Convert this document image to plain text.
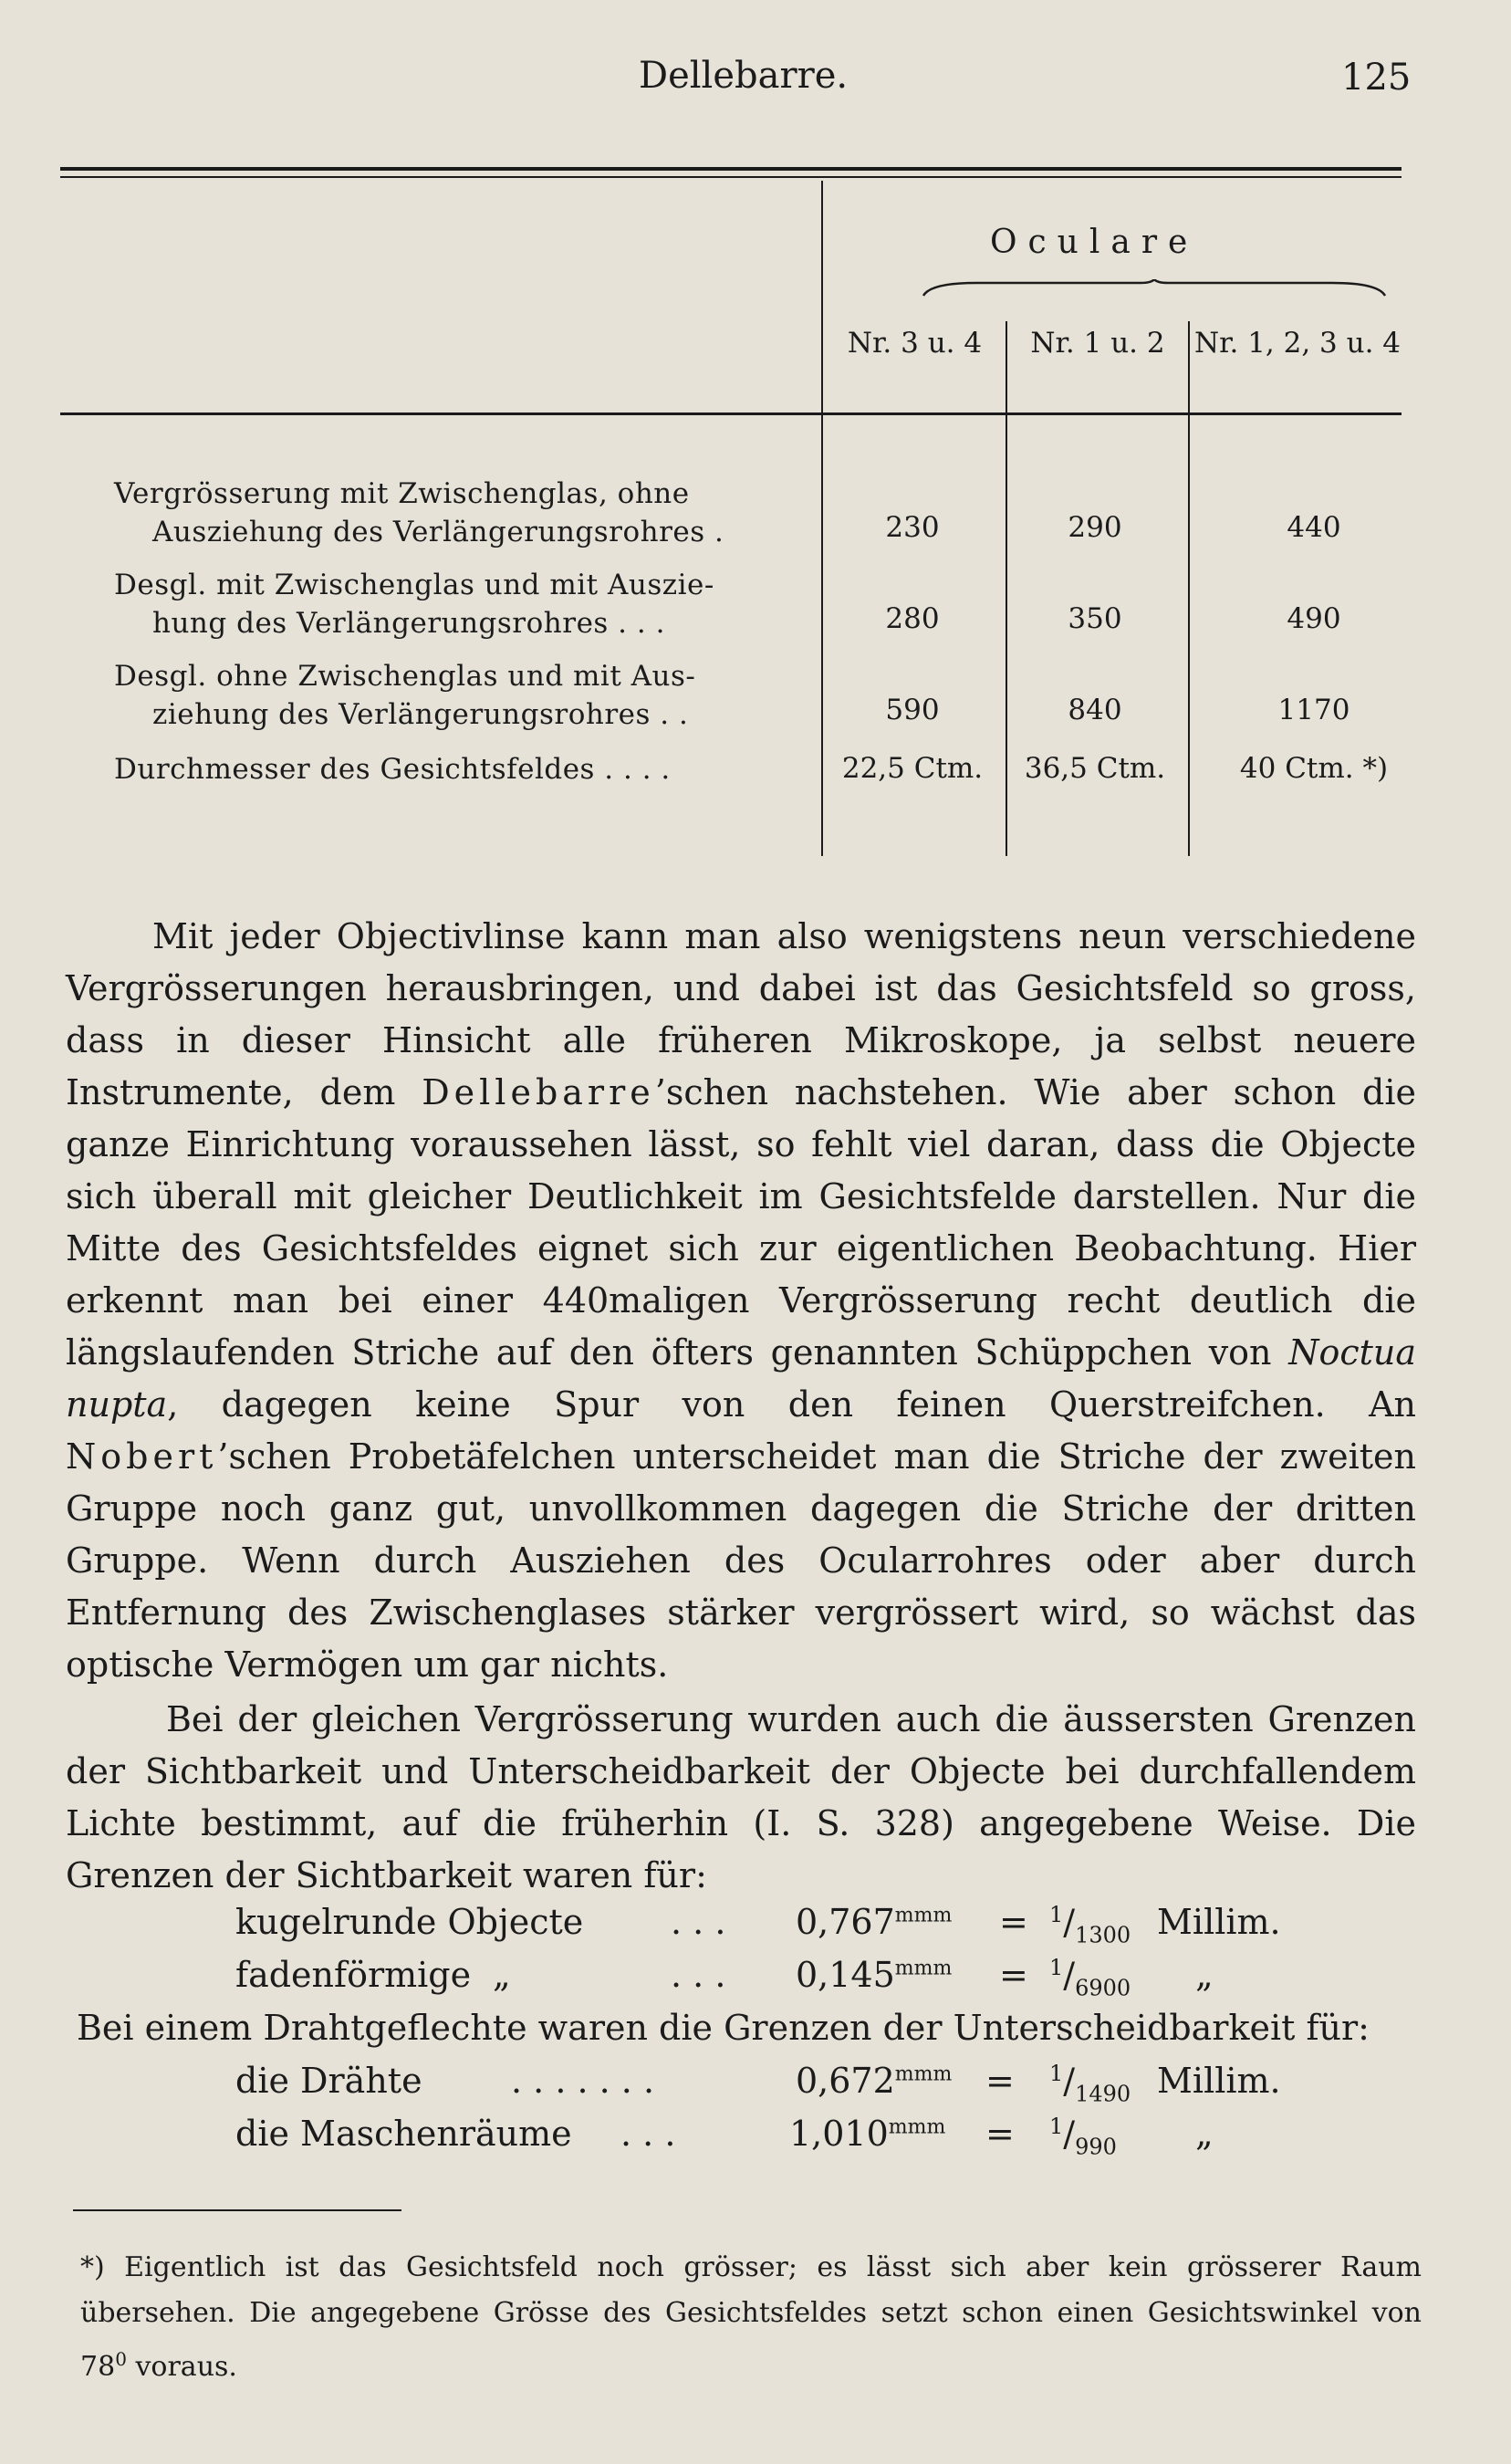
Dellebarre.	125
Oculare
Nr. 3 u. 4	Nr. 1 u. 2	Nr. 1, 2, 3 u. 4
Vergrösserung mit Zwischenglas, ohne
Ausziehung des Verlängerungsrohres .	230	290	440
Desgl. mit Zwischenglas und mit Auszie-
hung des Verlängerungsrohres . . .	280	350	490
Desgl. ohne Zwischenglas und mit Aus-
ziehung des Verlängerungsrohres . .	590	840	1170
Durchmesser des Gesichtsfeldes . . . .	22,5 Ctm.	36,5 Ctm.	40 Ctm. *)

Mit jeder Objectivlinse kann man also wenigstens neun verschiedene Vergrösserungen herausbringen, und dabei ist das Gesichtsfeld so gross, dass in dieser Hinsicht alle früheren Mikroskope, ja selbst neuere Instrumente, dem Dellebarre’schen nachstehen. Wie aber schon die ganze Einrichtung voraussehen lässt, so fehlt viel daran, dass die Objecte sich überall mit gleicher Deutlichkeit im Gesichtsfelde darstellen. Nur die Mitte des Gesichtsfeldes eignet sich zur eigentlichen Beobachtung. Hier erkennt man bei einer 440maligen Vergrösserung recht deutlich die längslaufenden Striche auf den öfters genannten Schüppchen von Noctua nupta, dagegen keine Spur von den feinen Querstreifchen. An Nobert’schen Probetäfelchen unterscheidet man die Striche der zweiten Gruppe noch ganz gut, unvollkommen dagegen die Striche der dritten Gruppe. Wenn durch Ausziehen des Ocularrohres oder aber durch Entfernung des Zwischenglases stärker vergrössert wird, so wächst das optische Vermögen um gar nichts.

Bei der gleichen Vergrösserung wurden auch die äussersten Grenzen der Sichtbarkeit und Unterscheidbarkeit der Objecte bei durchfallendem Lichte bestimmt, auf die früherhin (I. S. 328) angegebene Weise. Die Grenzen der Sichtbarkeit waren für:

kugelrunde Objecte	. . . $0,767^{mmm} = ^1/_{1300}$ Millim.
fadenförmige „	. . . $0,145^{mmm} = ^1/_{6900}$ „
Bei einem Drahtgeflechte waren die Grenzen der Unterscheidbarkeit für:
die Drähte	. . . . . . .	$0,672^{mmm} = ^1/_{1490}$ Millim.
die Maschenräume . . .	$1,010^{mmm} = ^1/_{990}$ „
*) Eigentlich ist das Gesichtsfeld noch grösser; es lässt sich aber kein grösserer Raum übersehen. Die angegebene Grösse des Gesichtsfeldes setzt schon einen Gesichtswinkel von $78^0$ voraus.
